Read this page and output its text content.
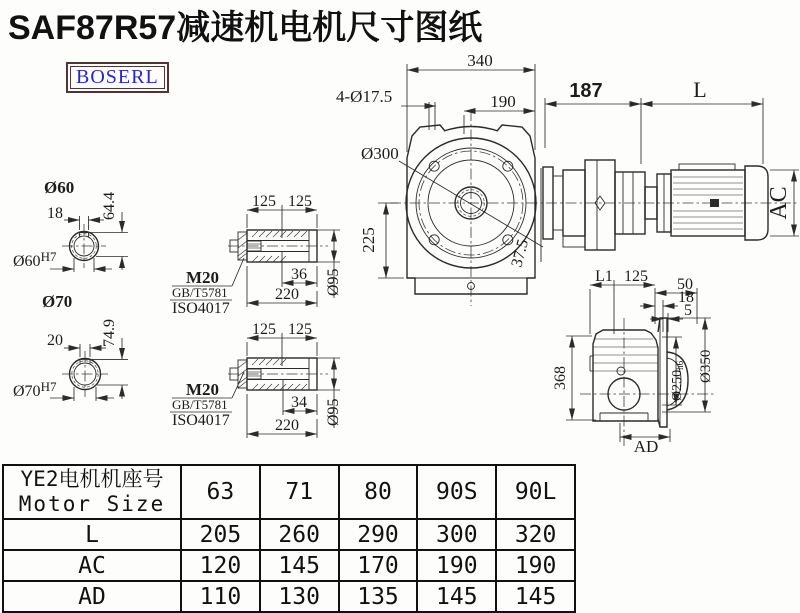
SAF87R57减速机电机尺寸图纸
BOSERL
18 64.4
Ø60
$Ø60^{H7}$
20 74.9
Ø70
$Ø70^{H7}$
125 125
36
220 Ø95
M20
GB/T5781
ISO4017
125 125
34
220 Ø95
M20
GB/T5781
ISO4017
Ø300
37.5
4-Ø17.5
340
190
225
187	L
AC
L1 125 50
18
5
368	Ø250h6 Ø350
AD
YE2电机机座号
Motor Size	63	71	80	90S	90L
L	205	260	290	300	320
AC	120	145	170	190	190
AD	110	130	135	145	145
